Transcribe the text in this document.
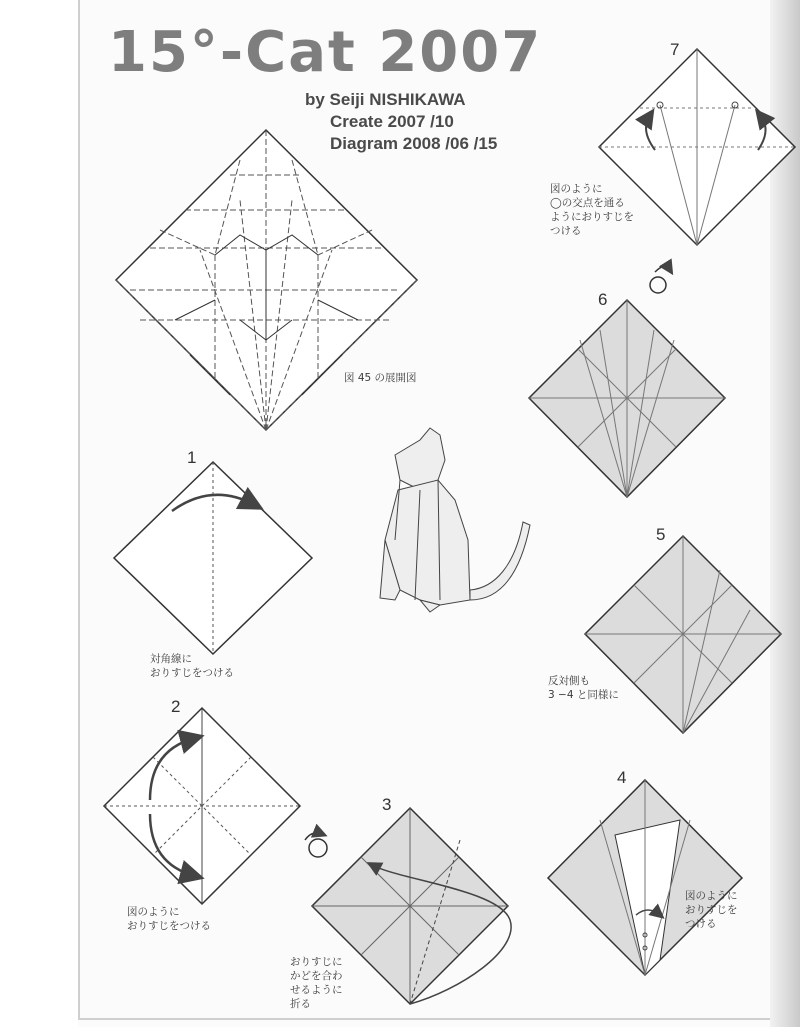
15°-Cat 2007
by Seiji NISHIKAWA
Create 2007 /10
Diagram 2008 /06 /15
図 45 の展開図
1
対角線に
おりすじをつける
2
図のように
おりすじをつける
3
おりすじに
かどを合わ
せるように
折る
4
図のように
おりすじを
つける
5
反対側も
3 −4 と同様に
6
7
図のように
◯の交点を通る
ようにおりすじを
つける
